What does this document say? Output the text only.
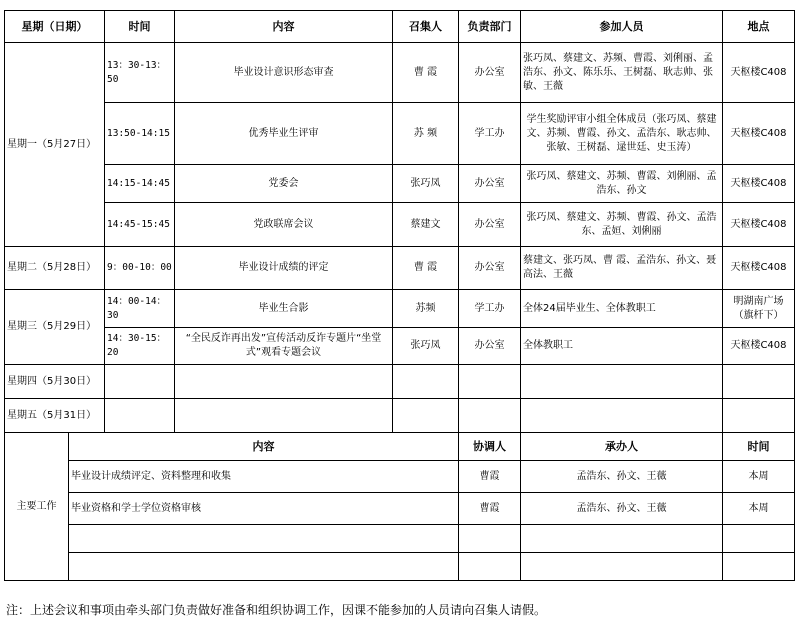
星期（日期）		时间	内容	召集人	负责部门	参加人员	地点
星期一（5月27日）		13：30-13：50	毕业设计意识形态审查	曹 霞	办公室	张巧凤、蔡建文、苏频、曹霞、刘俐丽、孟浩东、孙文、陈乐乐、王树磊、耿志帅、张敏、王薇	天枢楼C408
		13:50-14:15	优秀毕业生评审	苏 频	学工办	学生奖励评审小组全体成员（张巧凤、蔡建文、苏频、曹霞、孙文、孟浩东、耿志帅、张敏、王树磊、逯世廷、史玉涛）	天枢楼C408
		14:15-14:45	党委会	张巧凤	办公室	张巧凤、蔡建文、苏频、曹霞、刘俐丽、孟浩东、孙文	天枢楼C408
		14:45-15:45	党政联席会议	蔡建文	办公室	张巧凤、蔡建文、苏频、曹霞、孙文、孟浩东、孟姮、刘俐丽	天枢楼C408
星期二（5月28日）		9：00-10：00	毕业设计成绩的评定	曹 霞	办公室	蔡建文、张巧凤、曹 霞、孟浩东、孙文、聂高法、王薇	天枢楼C408
星期三（5月29日）		14：00-14：30	毕业生合影	苏频	学工办	全体24届毕业生、全体教职工	明湖南广场（旗杆下）
		14：30-15：20	“全民反诈再出发”宣传活动反诈专题片“坐堂式”观看专题会议	张巧凤	办公室	全体教职工	天枢楼C408
星期四（5月30日）							
星期五（5月31日）							
主要工作	内容				协调人	承办人	时间
	毕业设计成绩评定、资料整理和收集				曹霞	孟浩东、孙文、王薇	本周
	毕业资格和学士学位资格审核				曹霞	孟浩东、孙文、王薇	本周

注：上述会议和事项由牵头部门负责做好准备和组织协调工作，因课不能参加的人员请向召集人请假。
